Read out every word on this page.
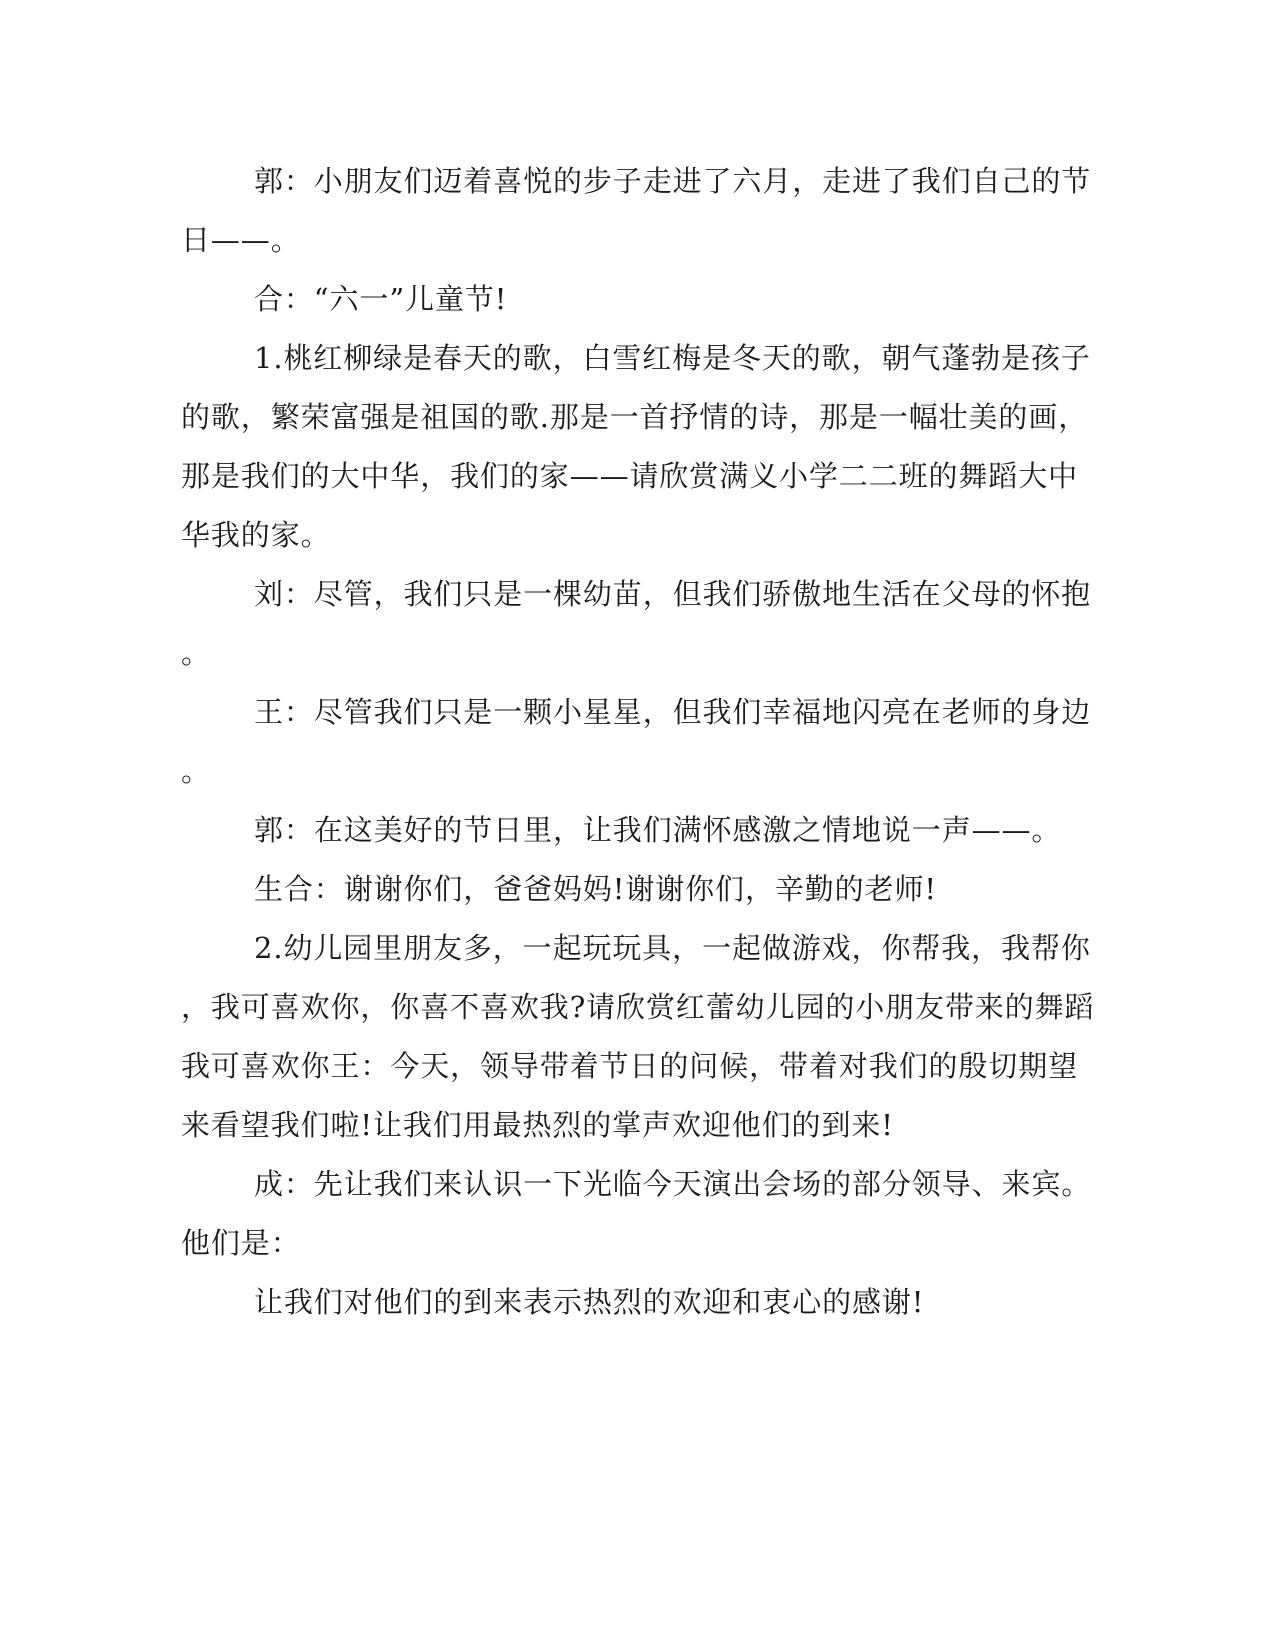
郭：小朋友们迈着喜悦的步子走进了六月，走进了我们自己的节
日——。
合：“六一”儿童节!
1.桃红柳绿是春天的歌，白雪红梅是冬天的歌，朝气蓬勃是孩子
的歌，繁荣富强是祖国的歌.那是一首抒情的诗，那是一幅壮美的画，
那是我们的大中华，我们的家——请欣赏满义小学二二班的舞蹈大中
华我的家。
刘：尽管，我们只是一棵幼苗，但我们骄傲地生活在父母的怀抱
。
王：尽管我们只是一颗小星星，但我们幸福地闪亮在老师的身边
。
郭：在这美好的节日里，让我们满怀感激之情地说一声——。
生合：谢谢你们，爸爸妈妈!谢谢你们，辛勤的老师!
2.幼儿园里朋友多，一起玩玩具，一起做游戏，你帮我，我帮你
，我可喜欢你，你喜不喜欢我?请欣赏红蕾幼儿园的小朋友带来的舞蹈
我可喜欢你王：今天，领导带着节日的问候，带着对我们的殷切期望
来看望我们啦!让我们用最热烈的掌声欢迎他们的到来!
成：先让我们来认识一下光临今天演出会场的部分领导、来宾。
他们是：
让我们对他们的到来表示热烈的欢迎和衷心的感谢!
